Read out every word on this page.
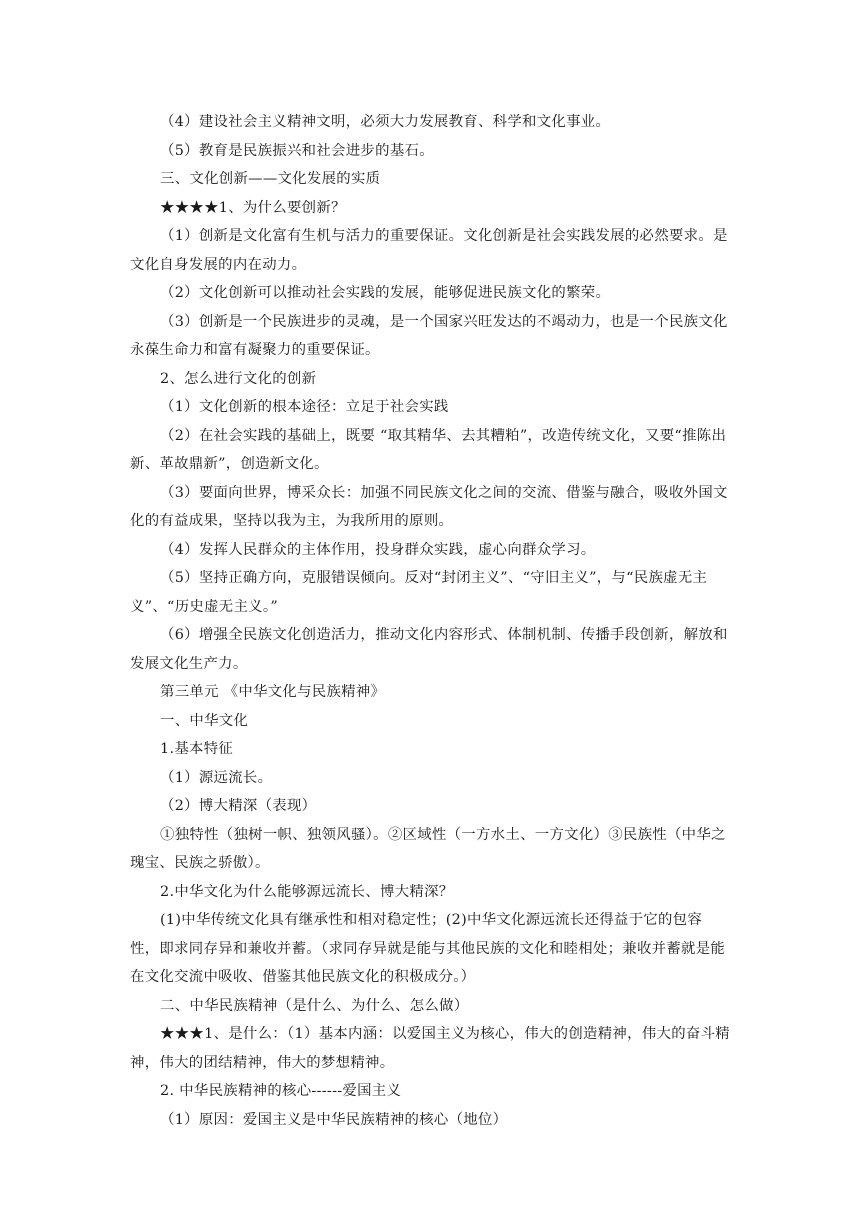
（4）建设社会主义精神文明，必须大力发展教育、科学和文化事业。

（5）教育是民族振兴和社会进步的基石。

三、文化创新——文化发展的实质

★★★★1、为什么要创新？

（1）创新是文化富有生机与活力的重要保证。文化创新是社会实践发展的必然要求。是文化自身发展的内在动力。

（2）文化创新可以推动社会实践的发展，能够促进民族文化的繁荣。

（3）创新是一个民族进步的灵魂，是一个国家兴旺发达的不竭动力，也是一个民族文化永葆生命力和富有凝聚力的重要保证。

2、怎么进行文化的创新

（1）文化创新的根本途径：立足于社会实践

（2）在社会实践的基础上，既要 “取其精华、去其糟粕”，改造传统文化，又要“推陈出新、革故鼎新”，创造新文化。

（3）要面向世界，博采众长：加强不同民族文化之间的交流、借鉴与融合，吸收外国文化的有益成果，坚持以我为主，为我所用的原则。

（4）发挥人民群众的主体作用，投身群众实践，虚心向群众学习。

（5）坚持正确方向，克服错误倾向。反对“封闭主义”、“守旧主义”，与“民族虚无主义”、“历史虚无主义。”

（6）增强全民族文化创造活力，推动文化内容形式、体制机制、传播手段创新，解放和发展文化生产力。

第三单元 《中华文化与民族精神》

一、中华文化

1.基本特征

（1）源远流长。

（2）博大精深（表现）

①独特性（独树一帜、独领风骚）。②区域性（一方水土、一方文化）③民族性（中华之瑰宝、民族之骄傲）。

2.中华文化为什么能够源远流长、博大精深？

(1)中华传统文化具有继承性和相对稳定性；(2)中华文化源远流长还得益于它的包容性，即求同存异和兼收并蓄。（求同存异就是能与其他民族的文化和睦相处；兼收并蓄就是能在文化交流中吸收、借鉴其他民族文化的积极成分。）

二、中华民族精神（是什么、为什么、怎么做）

★★★1、是什么：（1）基本内涵：以爱国主义为核心，伟大的创造精神，伟大的奋斗精神，伟大的团结精神，伟大的梦想精神。

2. 中华民族精神的核心------爱国主义

（1）原因：爱国主义是中华民族精神的核心（地位）
